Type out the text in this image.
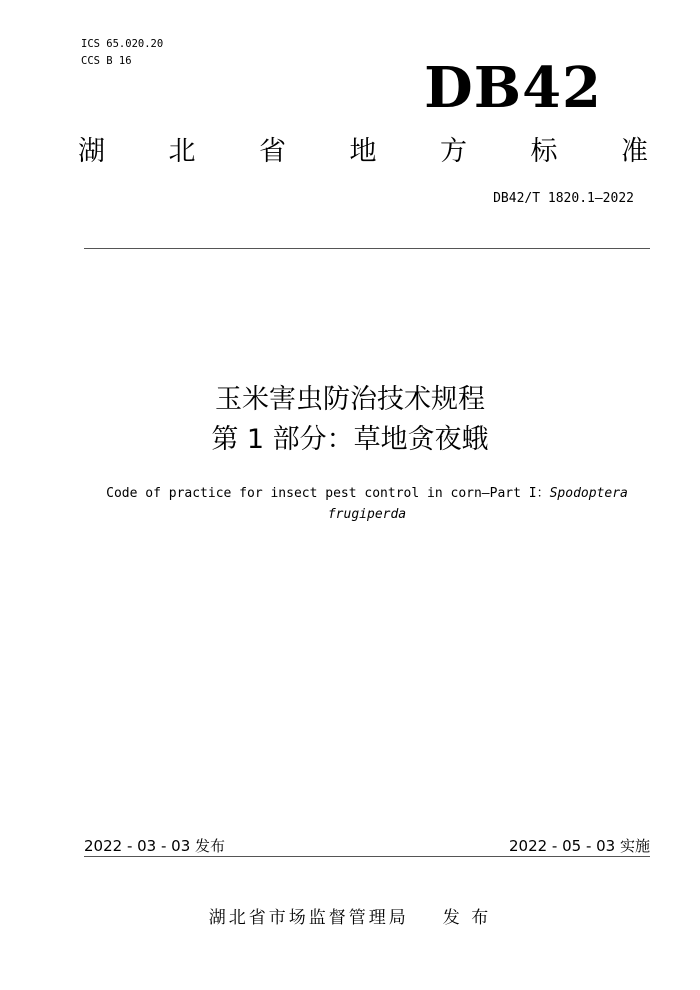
ICS 65.020.20
CCS B 16	DB42
湖 北 省 地 方 标 准
DB42/T 1820.1—2022
玉米害虫防治技术规程
第 1 部分：草地贪夜蛾
Code of practice for insect pest control in corn—Part I：Spodoptera frugiperda
2022 - 03 - 03 发布	2022 - 05 - 03 实施
湖北省市场监督管理局 发 布
